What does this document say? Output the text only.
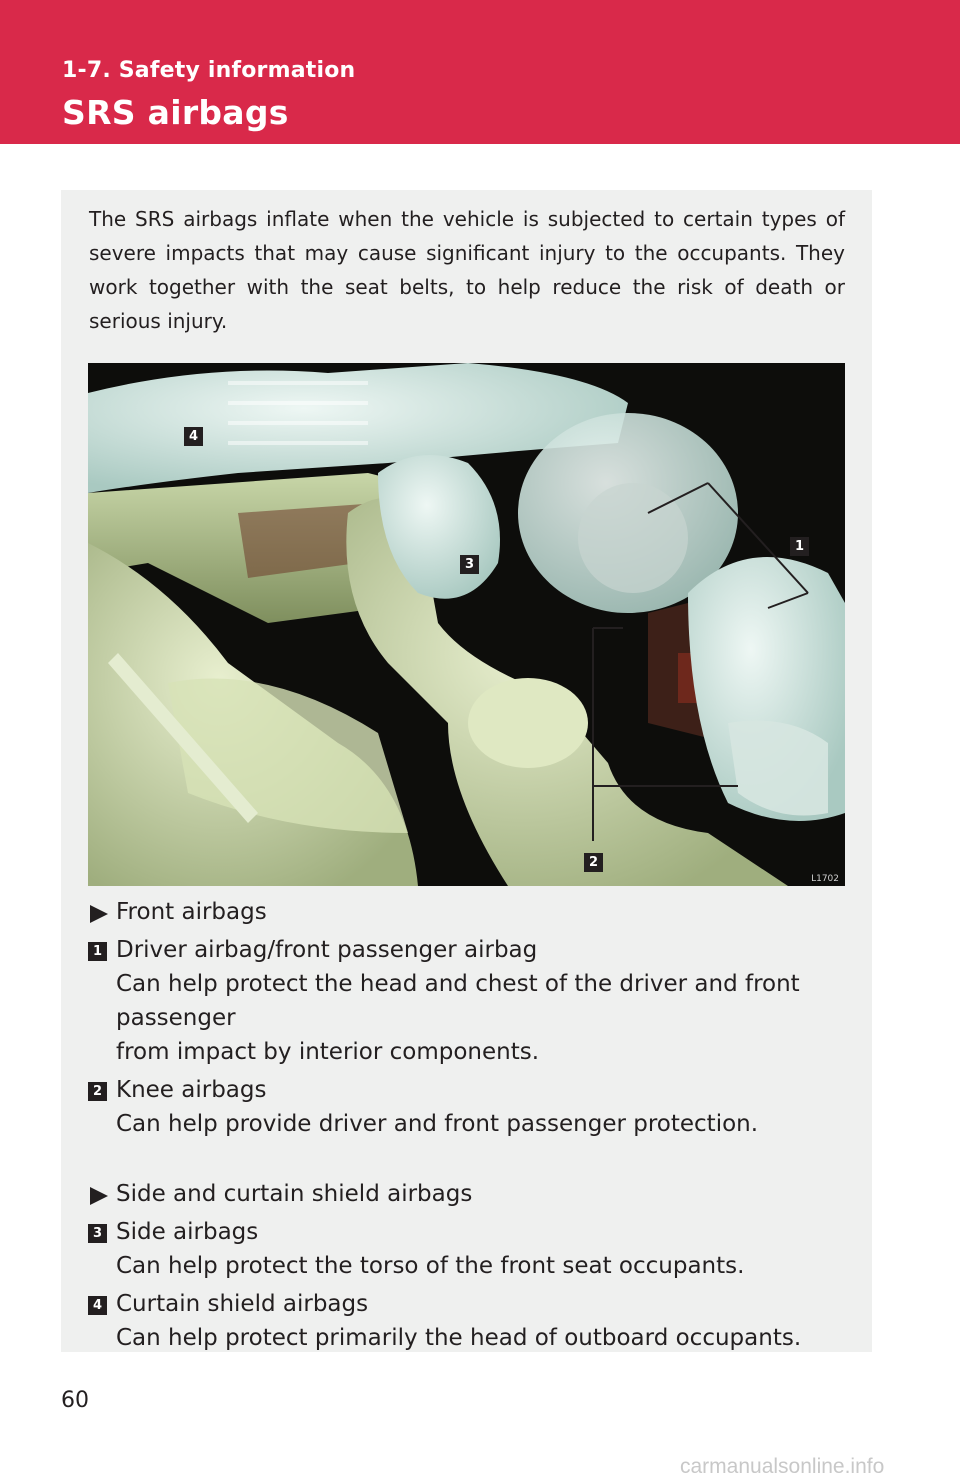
1-7. Safety information
SRS airbags
The SRS airbags inflate when the vehicle is subjected to certain types of severe impacts that may cause significant injury to the occupants. They work together with the seat belts, to help reduce the risk of death or serious injury.
4
3
1
2
L1702
Front airbags
1 Driver airbag/front passenger airbag
Can help protect the head and chest of the driver and front passenger
from impact by interior components.
2 Knee airbags
Can help provide driver and front passenger protection.
Side and curtain shield airbags
3 Side airbags
Can help protect the torso of the front seat occupants.
4 Curtain shield airbags
Can help protect primarily the head of outboard occupants.
60
carmanualsonline.info
